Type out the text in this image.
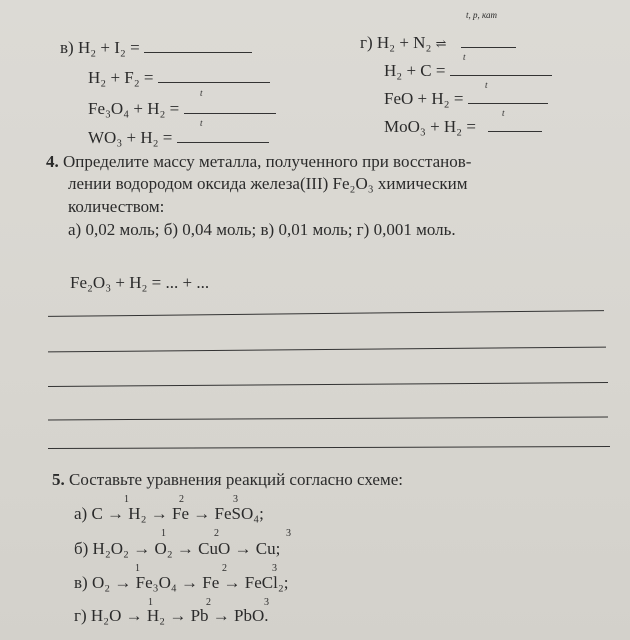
в) H₂ + I₂ =
H₂ + F₂ =
t
Fe₃O₄ + H₂ =
t
WO₃ + H₂ =
t, p, кат
г) H₂ + N₂ ⇌
t
H₂ + C =
t
FeO + H₂ =
t
MoO₃ + H₂ =
4. Определите массу металла, полученного при восстанов-
лении водородом оксида железа(III) Fe₂O₃ химическим
количеством:
а) 0,02 моль; б) 0,04 моль; в) 0,01 моль; г) 0,001 моль.
Fe₂O₃ + H₂ = ... + ...
5. Составьте уравнения реакций согласно схеме:
1	2	3
а) C → H₂ → Fe → FeSO₄;
1	2	3
б) H₂O₂ → O₂ → CuO → Cu;
1	2	3
в) O₂ → Fe₃O₄ → Fe → FeCl₂;
1	2	3
г) H₂O → H₂ → Pb → PbO.
